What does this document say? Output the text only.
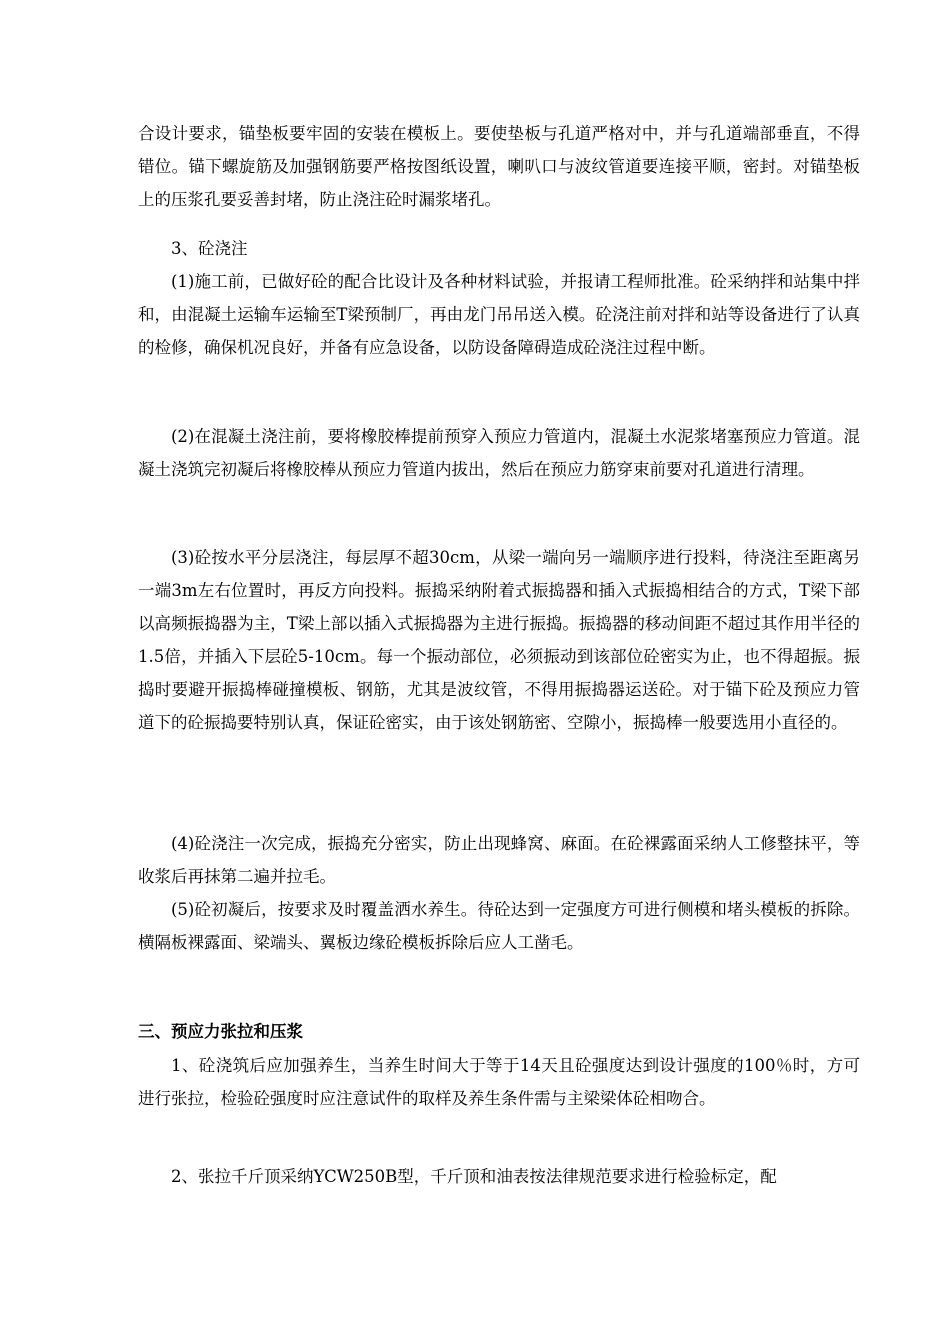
合设计要求，锚垫板要牢固的安装在模板上。要使垫板与孔道严格对中，并与孔道端部垂直，不得错位。锚下螺旋筋及加强钢筋要严格按图纸设置，喇叭口与波纹管道要连接平顺，密封。对锚垫板上的压浆孔要妥善封堵，防止浇注砼时漏浆堵孔。

3、砼浇注

(1)施工前，已做好砼的配合比设计及各种材料试验，并报请工程师批准。砼采纳拌和站集中拌和，由混凝土运输车运输至T梁预制厂，再由龙门吊吊送入模。砼浇注前对拌和站等设备进行了认真的检修，确保机况良好，并备有应急设备，以防设备障碍造成砼浇注过程中断。

(2)在混凝土浇注前，要将橡胶棒提前预穿入预应力管道内，混凝土水泥浆堵塞预应力管道。混凝土浇筑完初凝后将橡胶棒从预应力管道内拔出，然后在预应力筋穿束前要对孔道进行清理。

(3)砼按水平分层浇注，每层厚不超30cm，从梁一端向另一端顺序进行投料，待浇注至距离另一端3m左右位置时，再反方向投料。振捣采纳附着式振捣器和插入式振捣相结合的方式，T梁下部以高频振捣器为主，T梁上部以插入式振捣器为主进行振捣。振捣器的移动间距不超过其作用半径的1.5倍，并插入下层砼5-10cm。每一个振动部位，必须振动到该部位砼密实为止，也不得超振。振捣时要避开振捣棒碰撞模板、钢筋，尤其是波纹管，不得用振捣器运送砼。对于锚下砼及预应力管道下的砼振捣要特别认真，保证砼密实，由于该处钢筋密、空隙小，振捣棒一般要选用小直径的。

(4)砼浇注一次完成，振捣充分密实，防止出现蜂窝、麻面。在砼裸露面采纳人工修整抹平，等收浆后再抹第二遍并拉毛。

(5)砼初凝后，按要求及时覆盖洒水养生。待砼达到一定强度方可进行侧模和堵头模板的拆除。横隔板裸露面、梁端头、翼板边缘砼模板拆除后应人工凿毛。

三、预应力张拉和压浆

1、砼浇筑后应加强养生，当养生时间大于等于14天且砼强度达到设计强度的100％时，方可进行张拉，检验砼强度时应注意试件的取样及养生条件需与主梁梁体砼相吻合。

2、张拉千斤顶采纳YCW250B型，千斤顶和油表按法律规范要求进行检验标定，配
